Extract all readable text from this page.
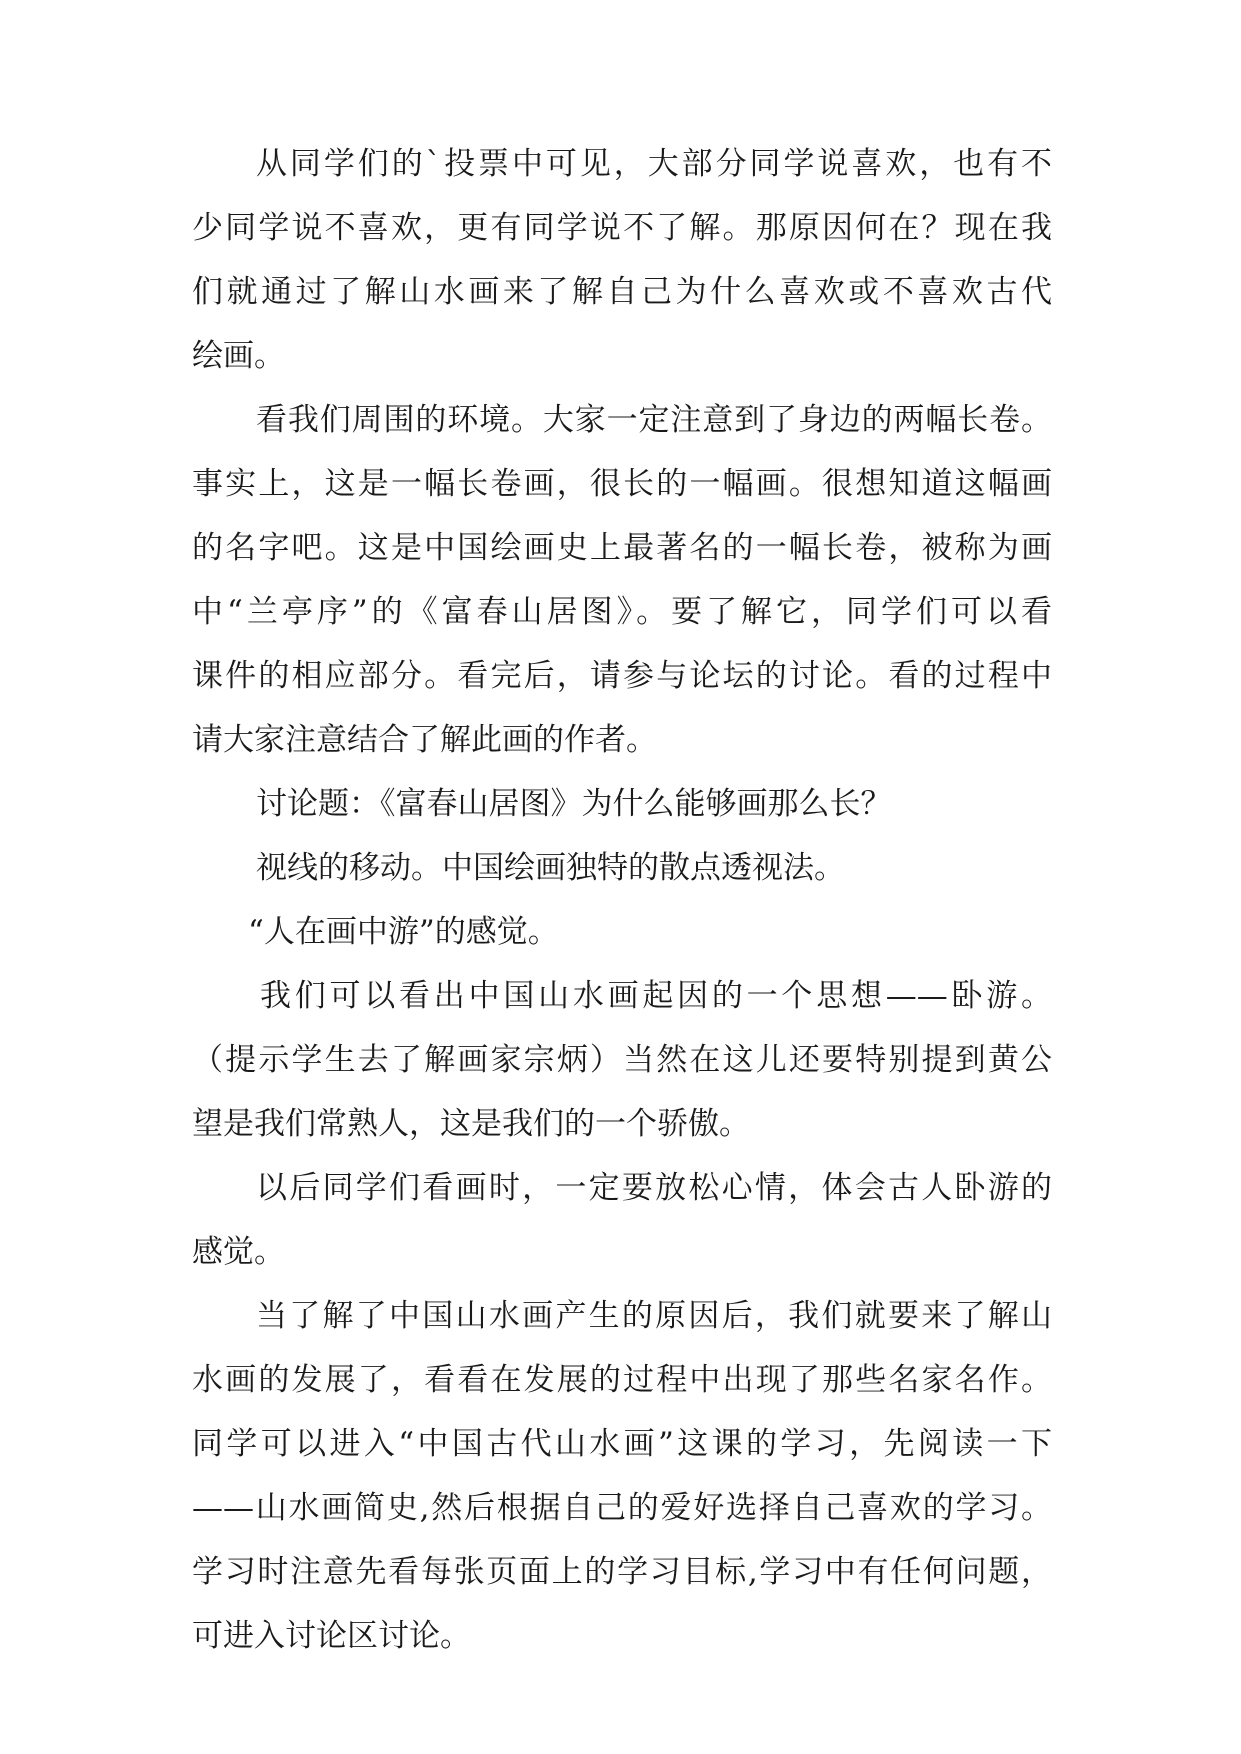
从同学们的`投票中可见，大部分同学说喜欢，也有不
少同学说不喜欢，更有同学说不了解。那原因何在？现在我
们就通过了解山水画来了解自己为什么喜欢或不喜欢古代
绘画。
看我们周围的环境。大家一定注意到了身边的两幅长卷。
事实上，这是一幅长卷画，很长的一幅画。很想知道这幅画
的名字吧。这是中国绘画史上最著名的一幅长卷，被称为画
中“兰亭序”的《富春山居图》。要了解它，同学们可以看
课件的相应部分。看完后，请参与论坛的讨论。看的过程中
请大家注意结合了解此画的作者。
讨论题：《富春山居图》为什么能够画那么长？
视线的移动。中国绘画独特的散点透视法。
“人在画中游”的感觉。
我们可以看出中国山水画起因的一个思想——卧游。
（提示学生去了解画家宗炳）当然在这儿还要特别提到黄公
望是我们常熟人，这是我们的一个骄傲。
以后同学们看画时，一定要放松心情，体会古人卧游的
感觉。
当了解了中国山水画产生的原因后，我们就要来了解山
水画的发展了，看看在发展的过程中出现了那些名家名作。
同学可以进入“中国古代山水画”这课的学习，先阅读一下
——山水画简史,然后根据自己的爱好选择自己喜欢的学习。
学习时注意先看每张页面上的学习目标,学习中有任何问题，
可进入讨论区讨论。
